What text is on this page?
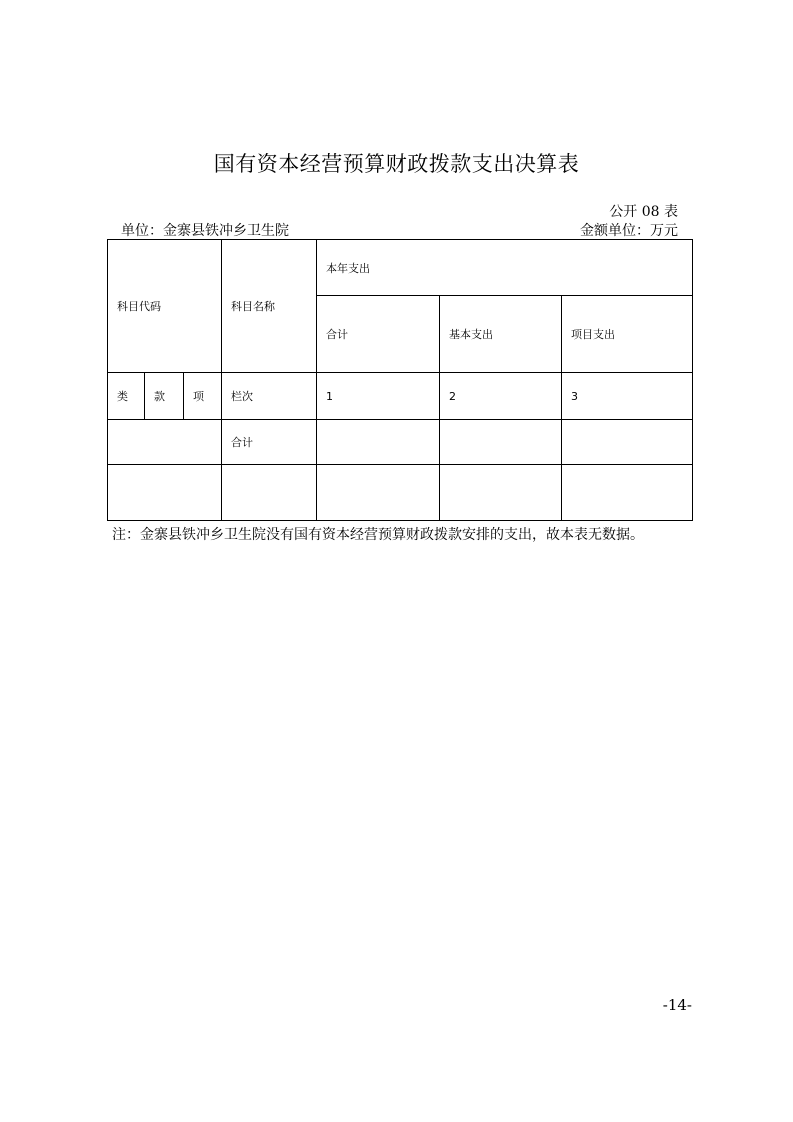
国有资本经营预算财政拨款支出决算表
公开 08 表
单位：金寨县铁冲乡卫生院	金额单位：万元
科目代码			科目名称	本年支出		
				合计	基本支出	项目支出
类	款	项	栏次	1	2	3
			合计			

注：金寨县铁冲乡卫生院没有国有资本经营预算财政拨款安排的支出，故本表无数据。
-14-
